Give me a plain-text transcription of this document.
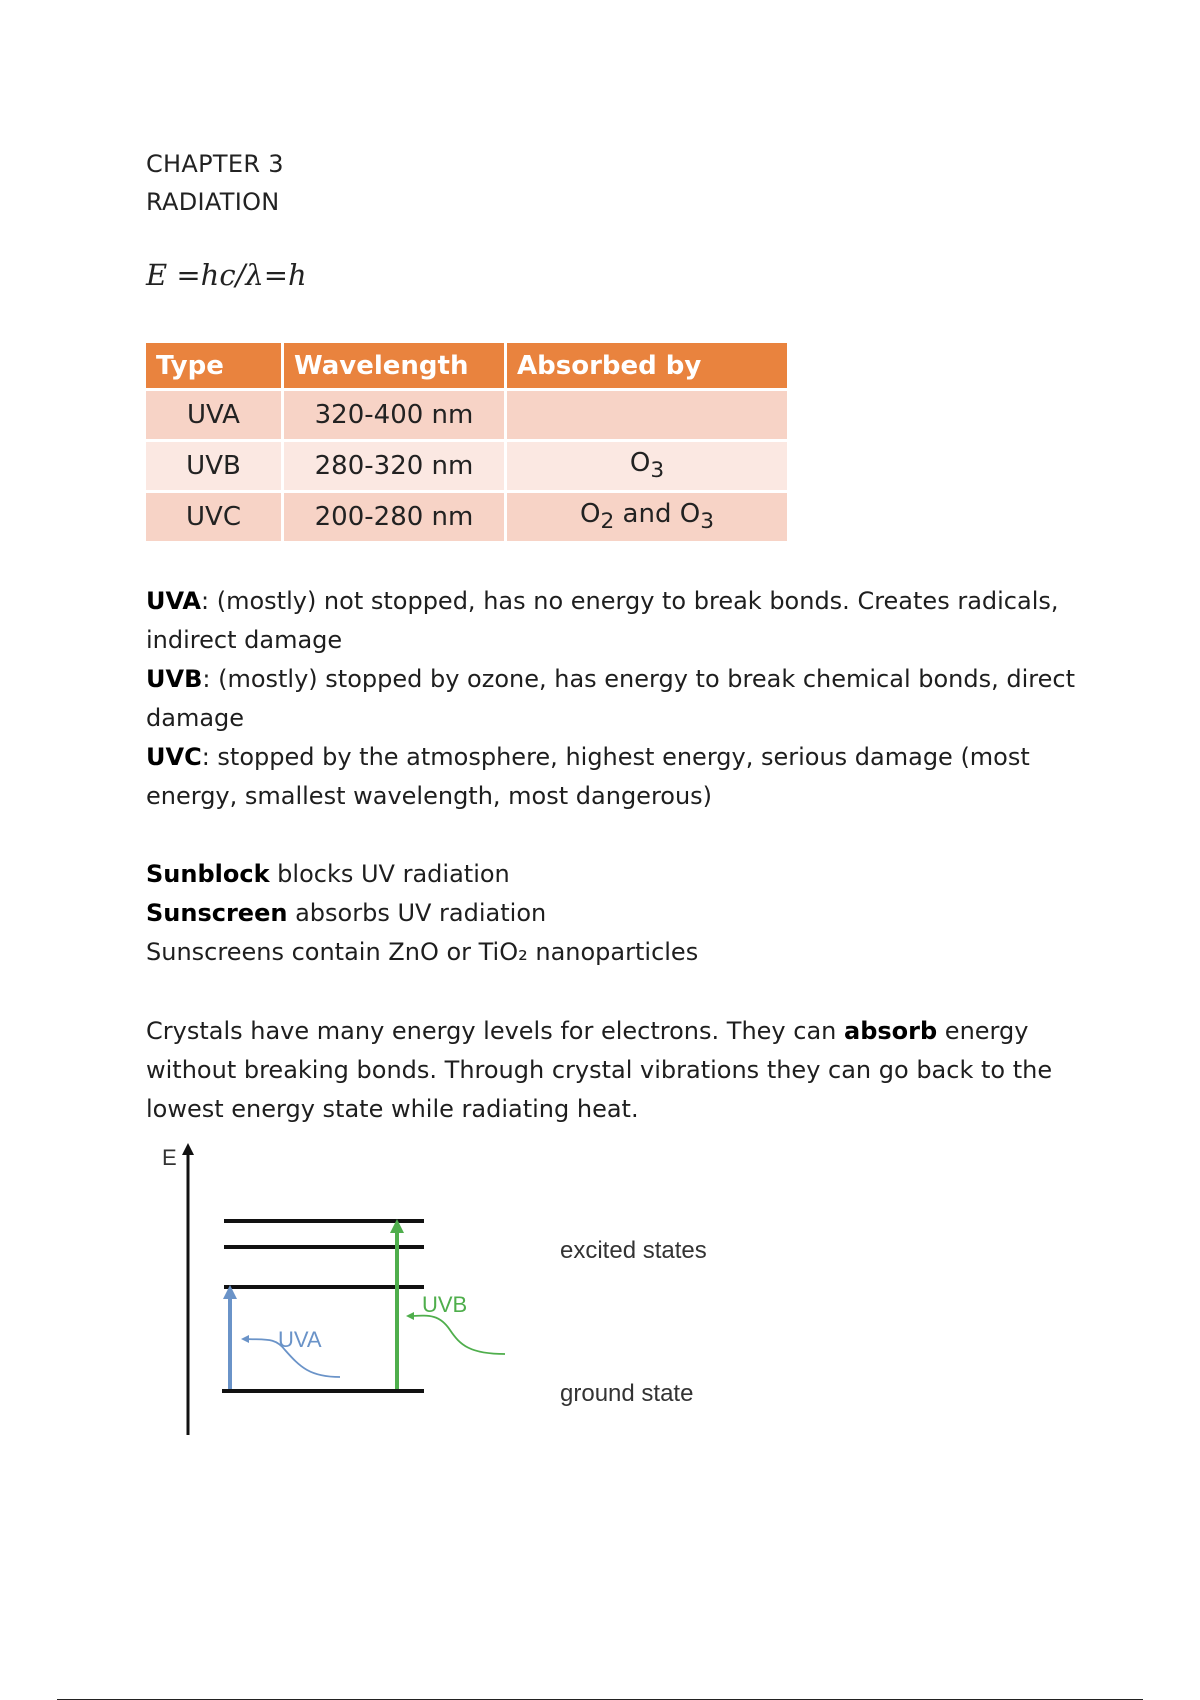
CHAPTER 3
RADIATION
E =hc/λ=h
Type	Wavelength	Absorbed by
UVA	320-400 nm	
UVB	280-320 nm	$O_3$
UVC	200-280 nm	$O_2$ and $O_3$
UVA: (mostly) not stopped, has no energy to break bonds. Creates radicals, indirect damage
UVB: (mostly) stopped by ozone, has energy to break chemical bonds, direct damage
UVC: stopped by the atmosphere, highest energy, serious damage (most energy, smallest wavelength, most dangerous)
Sunblock blocks UV radiation
Sunscreen absorbs UV radiation
Sunscreens contain ZnO or TiO₂ nanoparticles
Crystals have many energy levels for electrons. They can absorb energy without breaking bonds. Through crystal vibrations they can go back to the lowest energy state while radiating heat.
E
UVA
UVB
excited states
ground state
